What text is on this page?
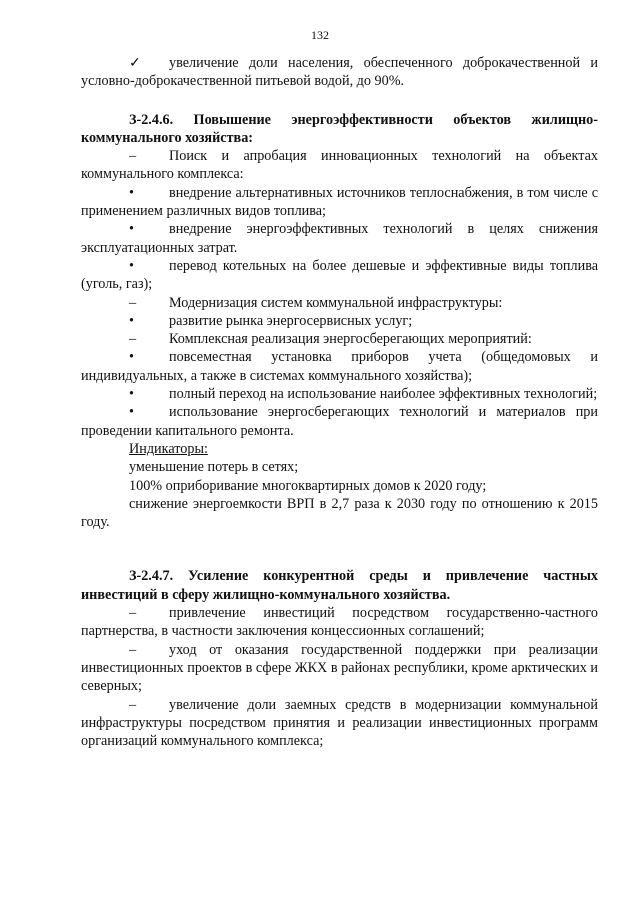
132
✓ увеличение доли населения, обеспеченного доброкачественной и условно-доброкачественной питьевой водой, до 90%.
З-2.4.6. Повышение энергоэффективности объектов жилищно-коммунального хозяйства:
– Поиск и апробация инновационных технологий на объектах коммунального комплекса:
• внедрение альтернативных источников теплоснабжения, в том числе с применением различных видов топлива;
• внедрение энергоэффективных технологий в целях снижения эксплуатационных затрат.
• перевод котельных на более дешевые и эффективные виды топлива (уголь, газ);
– Модернизация систем коммунальной инфраструктуры:
• развитие рынка энергосервисных услуг;
– Комплексная реализация энергосберегающих мероприятий:
• повсеместная установка приборов учета (общедомовых и индивидуальных, а также в системах коммунального хозяйства);
• полный переход на использование наиболее эффективных технологий;
• использование энергосберегающих технологий и материалов при проведении капитального ремонта.
Индикаторы:
уменьшение потерь в сетях;
100% оприборивание многоквартирных домов к 2020 году;
снижение энергоемкости ВРП в 2,7 раза к 2030 году по отношению к 2015 году.
З-2.4.7. Усиление конкурентной среды и привлечение частных инвестиций в сферу жилищно-коммунального хозяйства.
– привлечение инвестиций посредством государственно-частного партнерства, в частности заключения концессионных соглашений;
– уход от оказания государственной поддержки при реализации инвестиционных проектов в сфере ЖКХ в районах республики, кроме арктических и северных;
– увеличение доли заемных средств в модернизации коммунальной инфраструктуры посредством принятия и реализации инвестиционных программ организаций коммунального комплекса;
